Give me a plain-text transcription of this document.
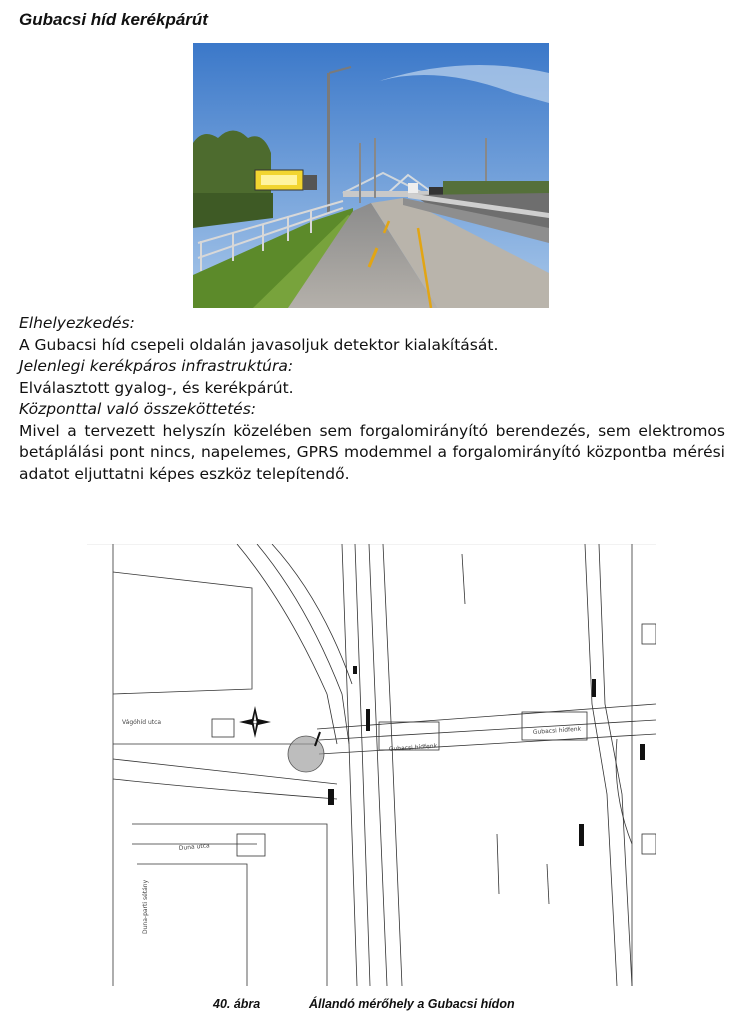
Gubacsi híd kerékpárút

Elhelyezkedés:

A Gubacsi híd csepeli oldalán javasoljuk detektor kialakítását.

Jelenlegi kerékpáros infrastruktúra:

Elválasztott gyalog-, és kerékpárút.

Központtal való összeköttetés:

Mivel a tervezett helyszín közelében sem forgalomirányító berendezés, sem elektromos betáplálási pont nincs, napelemes, GPRS modemmel a forgalomirányító központba mérési adatot eljuttatni képes eszköz telepítendő.

Gubacsi hídfenk
Gubacsi hídfenk
Vágóhíd utca
Duna utca
Duna-parti sétány
40. ábra	Állandó mérőhely a Gubacsi hídon
